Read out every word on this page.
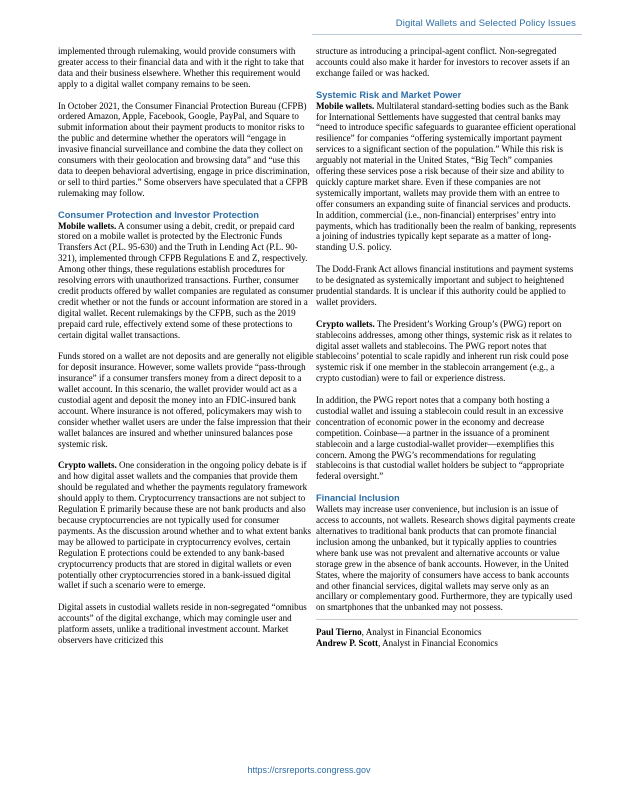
Digital Wallets and Selected Policy Issues

implemented through rulemaking, would provide consumers with greater access to their financial data and with it the right to take that data and their business elsewhere. Whether this requirement would apply to a digital wallet company remains to be seen.

In October 2021, the Consumer Financial Protection Bureau (CFPB) ordered Amazon, Apple, Facebook, Google, PayPal, and Square to submit information about their payment products to monitor risks to the public and determine whether the operators will “engage in invasive financial surveillance and combine the data they collect on consumers with their geolocation and browsing data” and “use this data to deepen behavioral advertising, engage in price discrimination, or sell to third parties.” Some observers have speculated that a CFPB rulemaking may follow.

Consumer Protection and Investor Protection

Mobile wallets. A consumer using a debit, credit, or prepaid card stored on a mobile wallet is protected by the Electronic Funds Transfers Act (P.L. 95-630) and the Truth in Lending Act (P.L. 90-321), implemented through CFPB Regulations E and Z, respectively. Among other things, these regulations establish procedures for resolving errors with unauthorized transactions. Further, consumer credit products offered by wallet companies are regulated as consumer credit whether or not the funds or account information are stored in a digital wallet. Recent rulemakings by the CFPB, such as the 2019 prepaid card rule, effectively extend some of these protections to certain digital wallet transactions.

Funds stored on a wallet are not deposits and are generally not eligible for deposit insurance. However, some wallets provide “pass-through insurance” if a consumer transfers money from a direct deposit to a wallet account. In this scenario, the wallet provider would act as a custodial agent and deposit the money into an FDIC-insured bank account. Where insurance is not offered, policymakers may wish to consider whether wallet users are under the false impression that their wallet balances are insured and whether uninsured balances pose systemic risk.

Crypto wallets. One consideration in the ongoing policy debate is if and how digital asset wallets and the companies that provide them should be regulated and whether the payments regulatory framework should apply to them. Cryptocurrency transactions are not subject to Regulation E primarily because these are not bank products and also because cryptocurrencies are not typically used for consumer payments. As the discussion around whether and to what extent banks may be allowed to participate in cryptocurrency evolves, certain Regulation E protections could be extended to any bank-based cryptocurrency products that are stored in digital wallets or even potentially other cryptocurrencies stored in a bank-issued digital wallet if such a scenario were to emerge.

Digital assets in custodial wallets reside in non-segregated “omnibus accounts” of the digital exchange, which may comingle user and platform assets, unlike a traditional investment account. Market observers have criticized this

structure as introducing a principal-agent conflict. Non-segregated accounts could also make it harder for investors to recover assets if an exchange failed or was hacked.

Systemic Risk and Market Power

Mobile wallets. Multilateral standard-setting bodies such as the Bank for International Settlements have suggested that central banks may “need to introduce specific safeguards to guarantee efficient operational resilience” for companies “offering systemically important payment services to a significant section of the population.” While this risk is arguably not material in the United States, “Big Tech” companies offering these services pose a risk because of their size and ability to quickly capture market share. Even if these companies are not systemically important, wallets may provide them with an entree to offer consumers an expanding suite of financial services and products. In addition, commercial (i.e., non-financial) enterprises’ entry into payments, which has traditionally been the realm of banking, represents a joining of industries typically kept separate as a matter of long-standing U.S. policy.

The Dodd-Frank Act allows financial institutions and payment systems to be designated as systemically important and subject to heightened prudential standards. It is unclear if this authority could be applied to wallet providers.

Crypto wallets. The President’s Working Group’s (PWG) report on stablecoins addresses, among other things, systemic risk as it relates to digital asset wallets and stablecoins. The PWG report notes that stablecoins’ potential to scale rapidly and inherent run risk could pose systemic risk if one member in the stablecoin arrangement (e.g., a crypto custodian) were to fail or experience distress.

In addition, the PWG report notes that a company both hosting a custodial wallet and issuing a stablecoin could result in an excessive concentration of economic power in the economy and decrease competition. Coinbase—a partner in the issuance of a prominent stablecoin and a large custodial-wallet provider—exemplifies this concern. Among the PWG’s recommendations for regulating stablecoins is that custodial wallet holders be subject to “appropriate federal oversight.”

Financial Inclusion

Wallets may increase user convenience, but inclusion is an issue of access to accounts, not wallets. Research shows digital payments create alternatives to traditional bank products that can promote financial inclusion among the unbanked, but it typically applies to countries where bank use was not prevalent and alternative accounts or value storage grew in the absence of bank accounts. However, in the United States, where the majority of consumers have access to bank accounts and other financial services, digital wallets may serve only as an ancillary or complementary good. Furthermore, they are typically used on smartphones that the unbanked may not possess.

Paul Tierno, Analyst in Financial Economics
Andrew P. Scott, Analyst in Financial Economics
https://crsreports.congress.gov
